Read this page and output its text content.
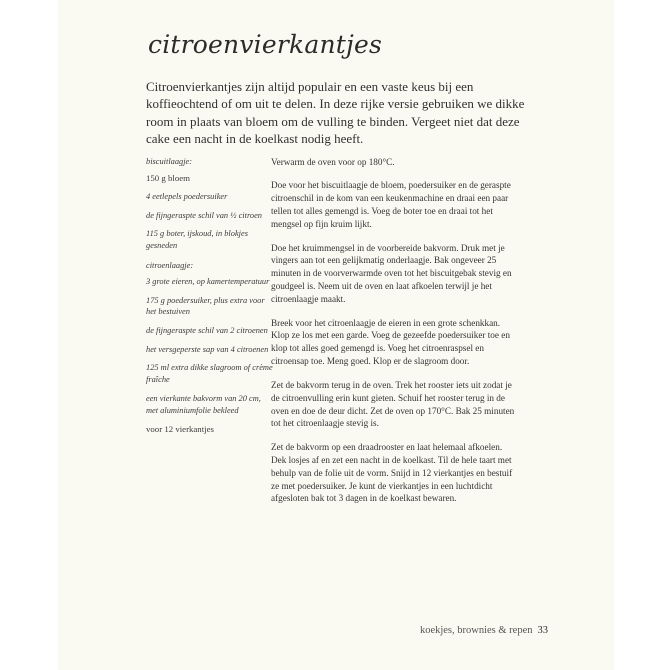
citroenvierkantjes

Citroenvierkantjes zijn altijd populair en een vaste keus bij een koffieochtend of om uit te delen. In deze rijke versie gebruiken we dikke room in plaats van bloem om de vulling te binden. Vergeet niet dat deze cake een nacht in de koelkast nodig heeft.

biscuitlaagje:

150 g bloem

4 eetlepels poedersuiker

de fijngeraspte schil van ½ citroen

115 g boter, ijskoud, in blokjes gesneden

citroenlaagje:

3 grote eieren, op kamertemperatuur

175 g poedersuiker, plus extra voor het bestuiven

de fijngeraspte schil van 2 citroenen

het versgeperste sap van 4 citroenen

125 ml extra dikke slagroom of crème fraîche

een vierkante bakvorm van 20 cm, met aluminiumfolie bekleed

voor 12 vierkantjes

Verwarm de oven voor op 180°C.

Doe voor het biscuitlaagje de bloem, poedersuiker en de geraspte citroenschil in de kom van een keukenmachine en draai een paar tellen tot alles gemengd is. Voeg de boter toe en draai tot het mengsel op fijn kruim lijkt.

Doe het kruimmengsel in de voorbereide bakvorm. Druk met je vingers aan tot een gelijkmatig onderlaagje. Bak ongeveer 25 minuten in de voorverwarmde oven tot het biscuitgebak stevig en goudgeel is. Neem uit de oven en laat afkoelen terwijl je het citroenlaagje maakt.

Breek voor het citroenlaagje de eieren in een grote schenkkan. Klop ze los met een garde. Voeg de gezeefde poedersuiker toe en klop tot alles goed gemengd is. Voeg het citroenraspsel en citroensap toe. Meng goed. Klop er de slagroom door.

Zet de bakvorm terug in de oven. Trek het rooster iets uit zodat je de citroenvulling erin kunt gieten. Schuif het rooster terug in de oven en doe de deur dicht. Zet de oven op 170°C. Bak 25 minuten tot het citroenlaagje stevig is.

Zet de bakvorm op een draadrooster en laat helemaal afkoelen. Dek losjes af en zet een nacht in de koelkast. Til de hele taart met behulp van de folie uit de vorm. Snijd in 12 vierkantjes en bestuif ze met poedersuiker. Je kunt de vierkantjes in een luchtdicht afgesloten bak tot 3 dagen in de koelkast bewaren.

koekjes, brownies & repen 33
